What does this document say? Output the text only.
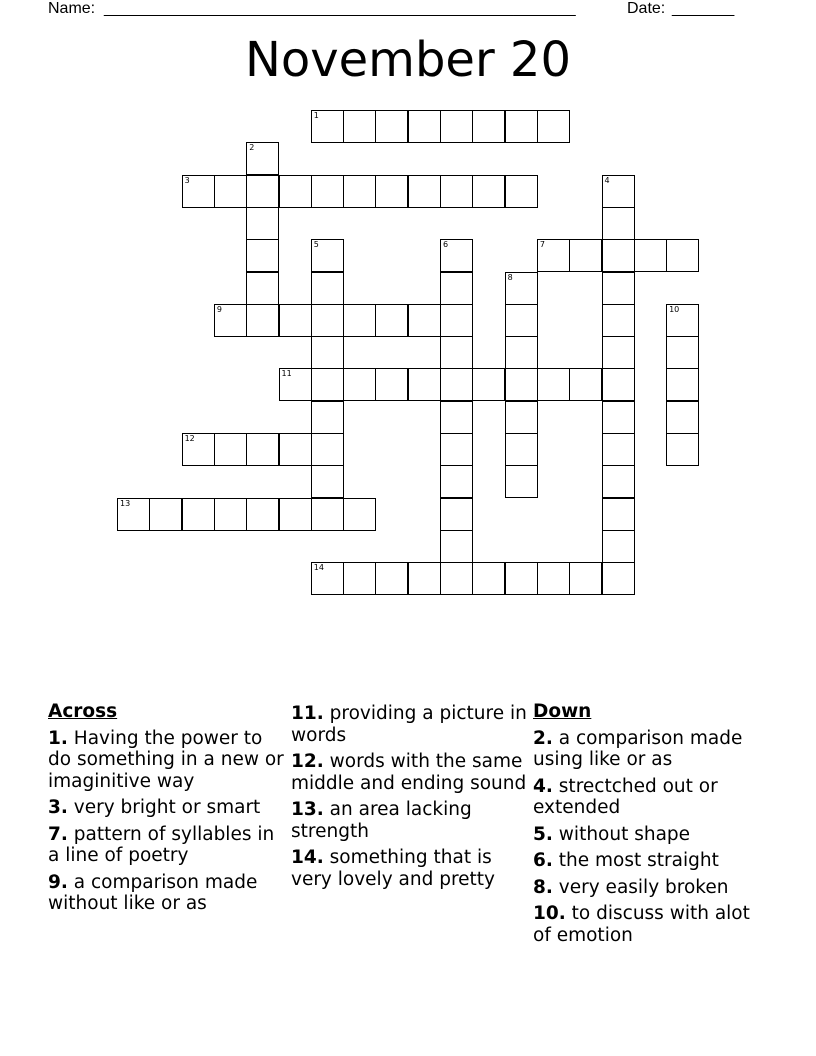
Name: _____________________________________________________	Date: _______
November 20
1
2
3	4
5	6	7
8
9	10
11
12
13
14
Across
1. Having the power to do something in a new or imaginitive way
3. very bright or smart
7. pattern of syllables in a line of poetry
9. a comparison made without like or as
11. providing a picture in words
12. words with the same middle and ending sound
13. an area lacking strength
14. something that is very lovely and pretty
Down
2. a comparison made using like or as
4. strectched out or extended
5. without shape
6. the most straight
8. very easily broken
10. to discuss with alot of emotion
